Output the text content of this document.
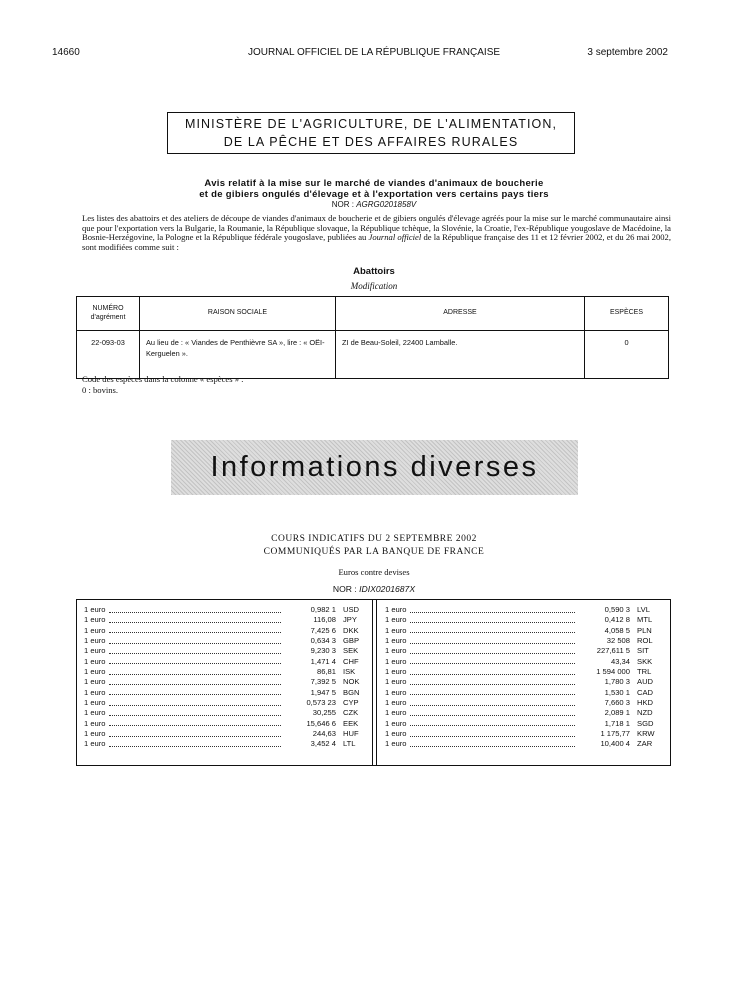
14660	JOURNAL OFFICIEL DE LA RÉPUBLIQUE FRANÇAISE	3 septembre 2002
MINISTÈRE DE L'AGRICULTURE, DE L'ALIMENTATION,
DE LA PÊCHE ET DES AFFAIRES RURALES
Avis relatif à la mise sur le marché de viandes d'animaux de boucherie
et de gibiers ongulés d'élevage et à l'exportation vers certains pays tiers
NOR : AGRG0201858V
Les listes des abattoirs et des ateliers de découpe de viandes d'animaux de boucherie et de gibiers ongulés d'élevage agréés pour la mise sur le marché communautaire ainsi que pour l'exportation vers la Bulgarie, la Roumanie, la République slovaque, la République tchèque, la Slovénie, la Croatie, l'ex-République yougoslave de Macédoine, la Bosnie-Herzégovine, la Pologne et la République fédérale yougoslave, publiées au Journal officiel de la République française des 11 et 12 février 2002, et du 26 mai 2002, sont modifiées comme suit :
Abattoirs
Modification
NUMÉRO d'agrément	RAISON SOCIALE	ADRESSE	ESPÈCES
22-093-03	Au lieu de : « Viandes de Penthièvre SA », lire : « OËI-Kerguelen ».	ZI de Beau-Soleil, 22400 Lamballe.	0
Code des espèces dans la colonne « espèces » :
0 : bovins.
Informations diverses
COURS INDICATIFS DU 2 SEPTEMBRE 2002
COMMUNIQUÉS PAR LA BANQUE DE FRANCE
Euros contre devises
NOR : IDIX0201687X
1 euro	0,982 1 USD
1 euro	116,08 JPY
1 euro	7,425 6 DKK
1 euro	0,634 3 GBP
1 euro	9,230 3 SEK
1 euro	1,471 4 CHF
1 euro	86,81 ISK
1 euro	7,392 5 NOK
1 euro	1,947 5 BGN
1 euro	0,573 23 CYP
1 euro	30,255 CZK
1 euro	15,646 6 EEK
1 euro	244,63 HUF
1 euro	3,452 4 LTL
1 euro	0,590 3 LVL
1 euro	0,412 8 MTL
1 euro	4,058 5 PLN
1 euro	32 508 ROL
1 euro	227,611 5 SIT
1 euro	43,34 SKK
1 euro	1 594 000 TRL
1 euro	1,780 3 AUD
1 euro	1,530 1 CAD
1 euro	7,660 3 HKD
1 euro	2,089 1 NZD
1 euro	1,718 1 SGD
1 euro	1 175,77 KRW
1 euro	10,400 4 ZAR
